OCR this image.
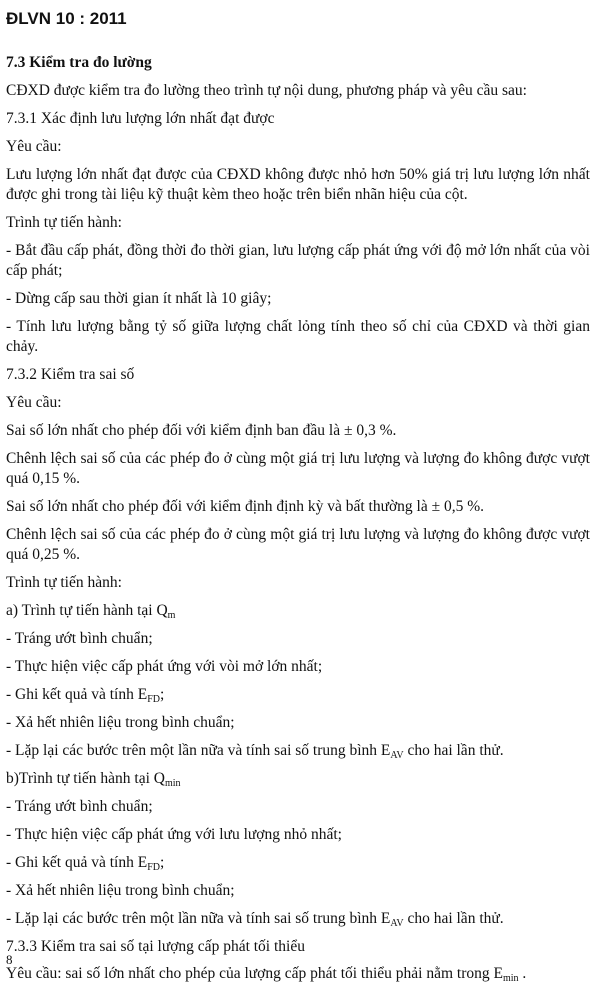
ĐLVN 10 : 2011

7.3 Kiểm tra đo lường

CĐXD được kiểm tra đo lường theo trình tự nội dung, phương pháp và yêu cầu sau:

7.3.1 Xác định lưu lượng lớn nhất đạt được

Yêu cầu:

Lưu lượng lớn nhất đạt được của CĐXD không được nhỏ hơn 50% giá trị lưu lượng lớn nhất được ghi trong tài liệu kỹ thuật kèm theo hoặc trên biển nhãn hiệu của cột.

Trình tự tiến hành:

- Bắt đầu cấp phát, đồng thời đo thời gian, lưu lượng cấp phát ứng với độ mở lớn nhất của vòi cấp phát;

- Dừng cấp sau thời gian ít nhất là 10 giây;

- Tính lưu lượng bằng tỷ số giữa lượng chất lỏng tính theo số chỉ của CĐXD và thời gian chảy.

7.3.2 Kiểm tra sai số

Yêu cầu:

Sai số lớn nhất cho phép đối với kiểm định ban đầu là ± 0,3 %.

Chênh lệch sai số của các phép đo ở cùng một giá trị lưu lượng và lượng đo không được vượt quá 0,15 %.

Sai số lớn nhất cho phép đối với kiểm định định kỳ và bất thường là ± 0,5 %.

Chênh lệch sai số của các phép đo ở cùng một giá trị lưu lượng và lượng đo không được vượt quá 0,25 %.

Trình tự tiến hành:

a) Trình tự tiến hành tại $Q_m$

- Tráng ướt bình chuẩn;

- Thực hiện việc cấp phát ứng với vòi mở lớn nhất;

- Ghi kết quả và tính $E_{FD}$;

- Xả hết nhiên liệu trong bình chuẩn;

- Lặp lại các bước trên một lần nữa và tính sai số trung bình $E_{AV}$ cho hai lần thử.

b)Trình tự tiến hành tại $Q_{min}$

- Tráng ướt bình chuẩn;

- Thực hiện việc cấp phát ứng với lưu lượng nhỏ nhất;

- Ghi kết quả và tính $E_{FD}$;

- Xả hết nhiên liệu trong bình chuẩn;

- Lặp lại các bước trên một lần nữa và tính sai số trung bình $E_{AV}$ cho hai lần thử.

7.3.3 Kiểm tra sai số tại lượng cấp phát tối thiểu

Yêu cầu: sai số lớn nhất cho phép của lượng cấp phát tối thiểu phải nằm trong $E_{min}$ .

8
